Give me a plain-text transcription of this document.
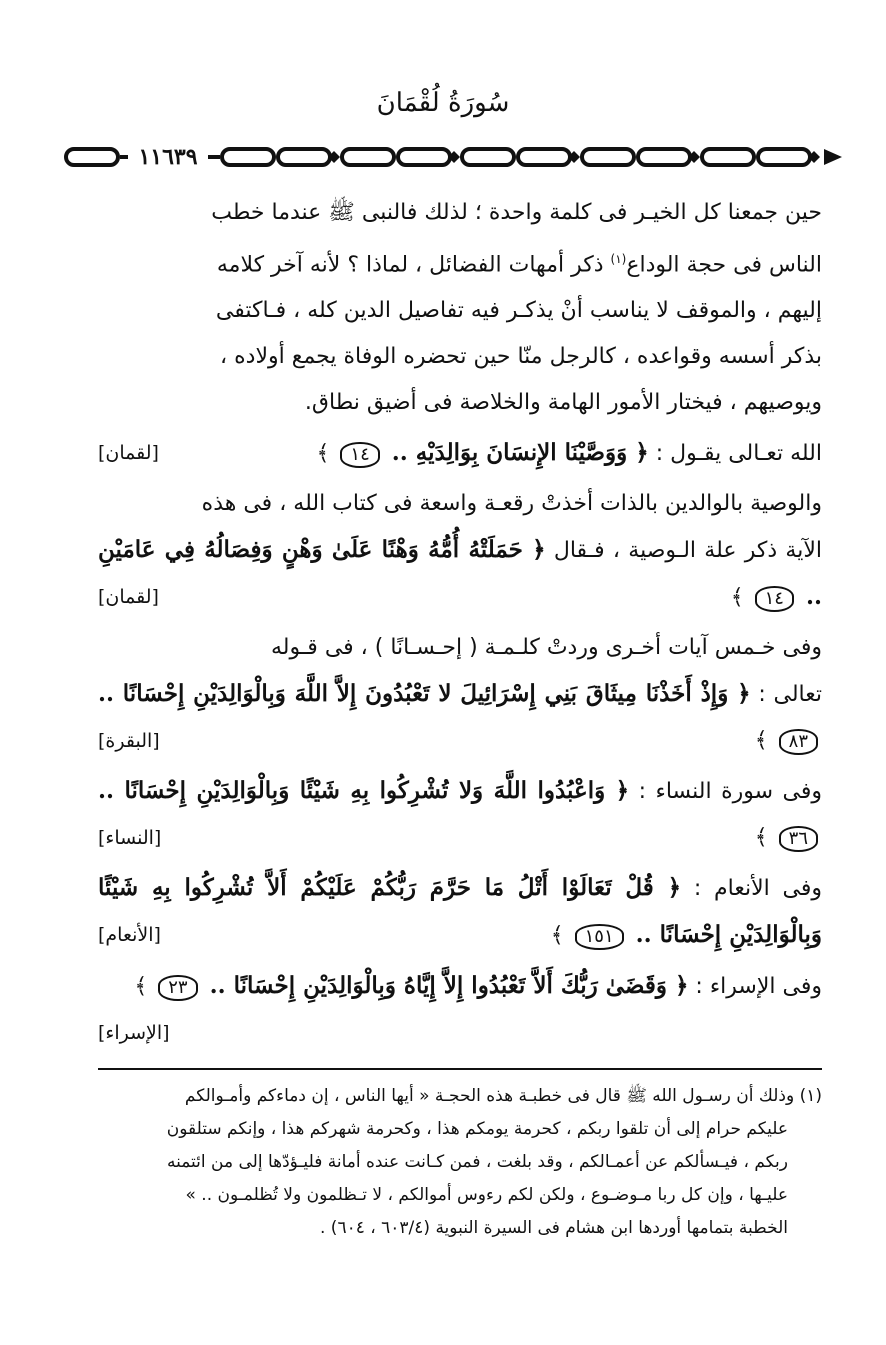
سُورَةُ لُقْمَانَ
١١٦٣٩

حين جمعنا كل الخيـر فى كلمة واحدة ؛ لذلك فالنبى ﷺ عندما خطب
الناس فى حجة الوداع$^{(١)}$ ذكر أمهات الفضائل ، لماذا ؟ لأنه آخر كلامه
إليهم ، والموقف لا يناسب أنْ يذكـر فيه تفاصيل الدين كله ، فـاكتفى
بذكر أسسه وقواعده ، كالرجل منّا حين تحضره الوفاة يجمع أولاده ،
ويوصيهم ، فيختار الأمور الهامة والخلاصة فى أضيق نطاق.

الله تعـالى يقـول : ﴿ وَوَصَّيْنَا الإِنسَانَ بِوَالِدَيْهِ .. ١٤ ﴾
[لقمان]

والوصية بالوالدين بالذات أخذتْ رقعـة واسعة فى كتاب الله ، فى هذه
الآية ذكر علة الـوصية ، فـقال ﴿ حَمَلَتْهُ أُمُّهُ وَهْنًا عَلَىٰ وَهْنٍ وَفِصَالُهُ فِي عَامَيْنِ .. ١٤ ﴾
[لقمان]

وفى خـمس آيات أخـرى وردتْ كلـمـة ( إحـسـانًا ) ، فى قـوله
تعالى : ﴿ وَإِذْ أَخَذْنَا مِيثَاقَ بَنِي إِسْرَائِيلَ لا تَعْبُدُونَ إِلاَّ اللَّهَ وَبِالْوَالِدَيْنِ إِحْسَانًا .. ٨٣ ﴾
[البقرة]

وفى سورة النساء : ﴿ وَاعْبُدُوا اللَّهَ وَلا تُشْرِكُوا بِهِ شَيْئًا وَبِالْوَالِدَيْنِ إِحْسَانًا .. ٣٦ ﴾
[النساء]

وفى الأنعام : ﴿ قُلْ تَعَالَوْا أَتْلُ مَا حَرَّمَ رَبُّكُمْ عَلَيْكُمْ أَلاَّ تُشْرِكُوا بِهِ شَيْئًا وَبِالْوَالِدَيْنِ إِحْسَانًا .. ١٥١ ﴾
[الأنعام]

وفى الإسراء : ﴿ وَقَضَىٰ رَبُّكَ أَلاَّ تَعْبُدُوا إِلاَّ إِيَّاهُ وَبِالْوَالِدَيْنِ إِحْسَانًا .. ٢٣ ﴾
[الإسراء]

(١) وذلك أن رسـول الله ﷺ قال فى خطبـة هذه الحجـة « أيها الناس ، إن دماءكم وأمـوالكم

عليكم حرام إلى أن تلقوا ربكم ، كحرمة يومكم هذا ، وكحرمة شهركم هذا ، وإنكم ستلقون

ربكم ، فيـسألكم عن أعمـالكم ، وقد بلغت ، فمن كـانت عنده أمانة فليـؤدّها إلى من ائتمنه

عليـها ، وإن كل ربا مـوضـوع ، ولكن لكم رءوس أموالكم ، لا تـظلمون ولا تُظلمـون .. »

الخطبة بتمامها أوردها ابن هشام فى السيرة النبوية (٦٠٣/٤ ، ٦٠٤) .
